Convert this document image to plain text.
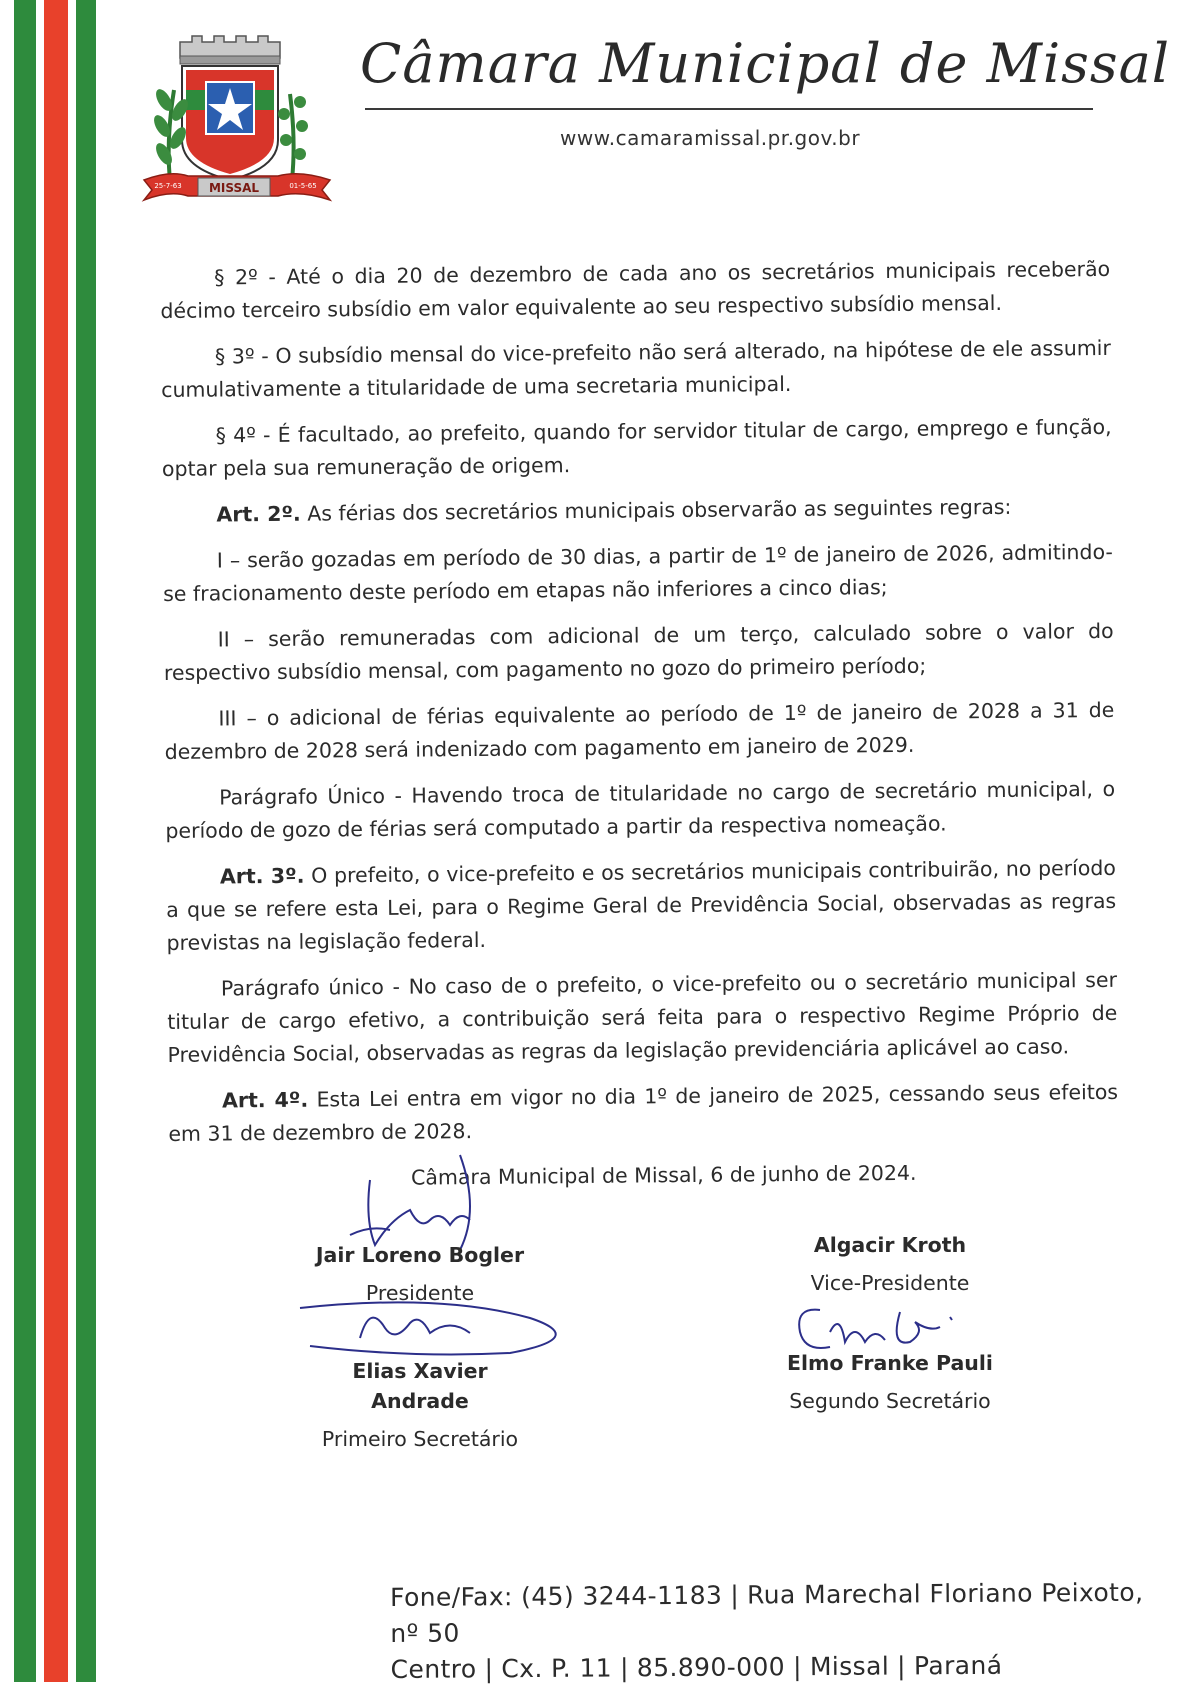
MISSAL
25-7-63	01-5-65
Câmara Municipal de Missal
www.camaramissal.pr.gov.br

§ 2º - Até o dia 20 de dezembro de cada ano os secretários municipais receberão décimo terceiro subsídio em valor equivalente ao seu respectivo subsídio mensal.

§ 3º - O subsídio mensal do vice-prefeito não será alterado, na hipótese de ele assumir cumulativamente a titularidade de uma secretaria municipal.

§ 4º - É facultado, ao prefeito, quando for servidor titular de cargo, emprego e função, optar pela sua remuneração de origem.

Art. 2º. As férias dos secretários municipais observarão as seguintes regras:

I – serão gozadas em período de 30 dias, a partir de 1º de janeiro de 2026, admitindo-se fracionamento deste período em etapas não inferiores a cinco dias;

II – serão remuneradas com adicional de um terço, calculado sobre o valor do respectivo subsídio mensal, com pagamento no gozo do primeiro período;

III – o adicional de férias equivalente ao período de 1º de janeiro de 2028 a 31 de dezembro de 2028 será indenizado com pagamento em janeiro de 2029.

Parágrafo Único - Havendo troca de titularidade no cargo de secretário municipal, o período de gozo de férias será computado a partir da respectiva nomeação.

Art. 3º. O prefeito, o vice-prefeito e os secretários municipais contribuirão, no período a que se refere esta Lei, para o Regime Geral de Previdência Social, observadas as regras previstas na legislação federal.

Parágrafo único - No caso de o prefeito, o vice-prefeito ou o secretário municipal ser titular de cargo efetivo, a contribuição será feita para o respectivo Regime Próprio de Previdência Social, observadas as regras da legislação previdenciária aplicável ao caso.

Art. 4º. Esta Lei entra em vigor no dia 1º de janeiro de 2025, cessando seus efeitos em 31 de dezembro de 2028.

Câmara Municipal de Missal, 6 de junho de 2024.

Jair Loreno Bogler
Presidente
Algacir Kroth
Vice-Presidente
Elias Xavier Andrade
Primeiro Secretário
Elmo Franke Pauli
Segundo Secretário
Fone/Fax: (45) 3244-1183 | Rua Marechal Floriano Peixoto, nº 50
Centro | Cx. P. 11 | 85.890-000 | Missal | Paraná
